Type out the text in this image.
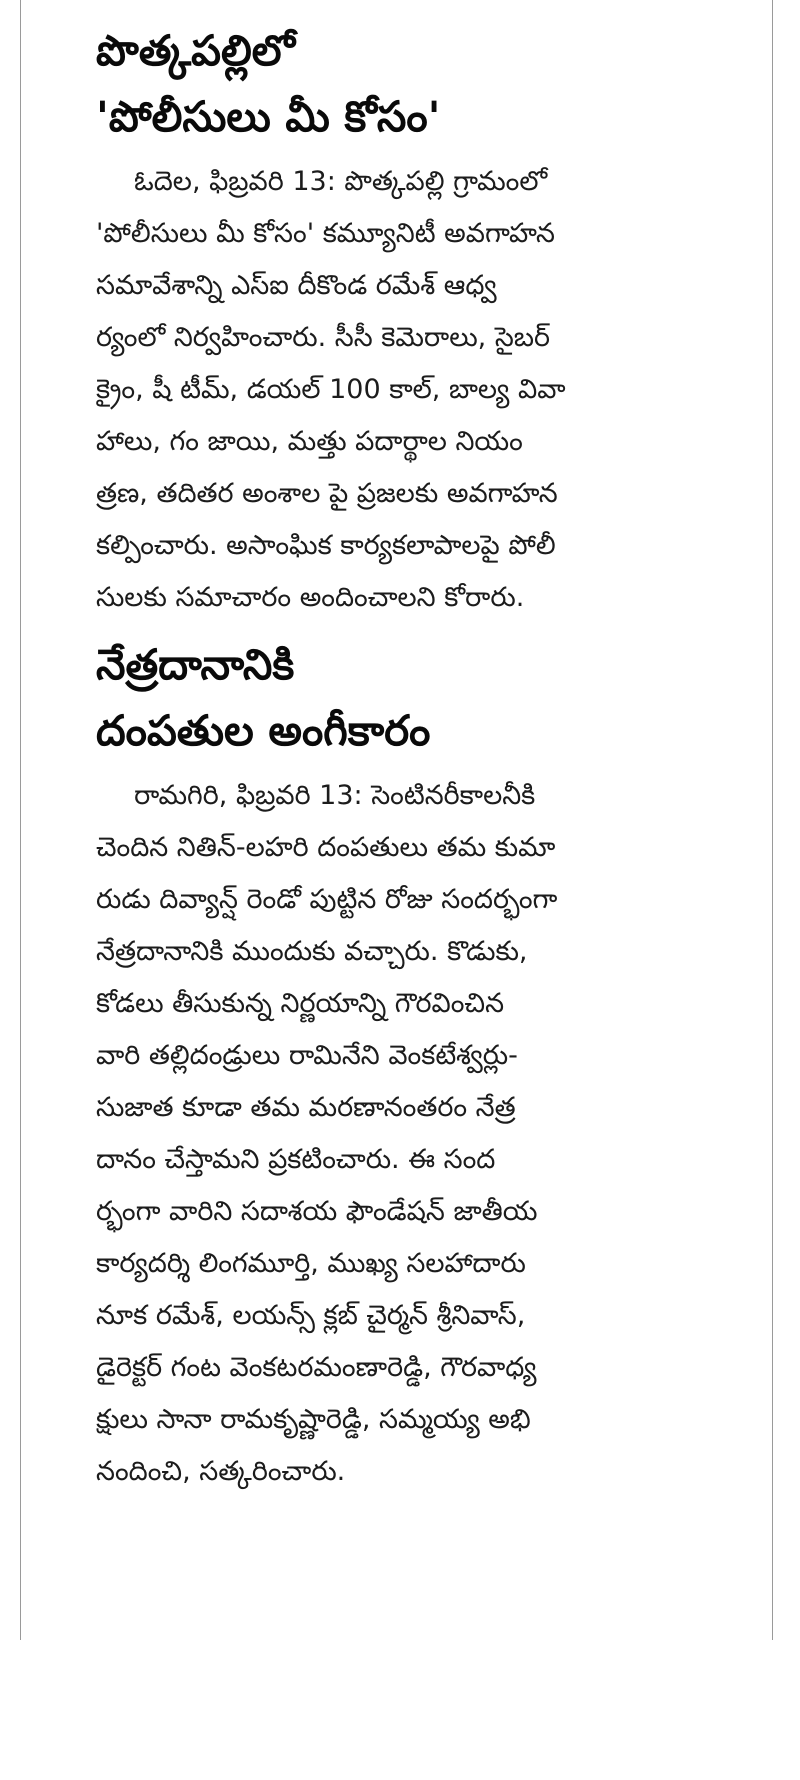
పొత్కపల్లిలో
'పోలీసులు మీ కోసం'
ఓదెల, ఫిబ్రవరి 13: పొత్కపల్లి గ్రామంలో
'పోలీసులు మీ కోసం' కమ్యూనిటీ అవగాహన
సమావేశాన్ని ఎస్ఐ దీకొండ రమేశ్ ఆధ్వ
ర్యంలో నిర్వహించారు. సీసీ కెమెరాలు, సైబర్
క్రైం, షీ టీమ్, డయల్ 100 కాల్, బాల్య వివా
హాలు, గం జాయి, మత్తు పదార్థాల నియం
త్రణ, తదితర అంశాల పై ప్రజలకు అవగాహన
కల్పించారు. అసాంఘిక కార్యకలాపాలపై పోలీ
సులకు సమాచారం అందించాలని కోరారు.
నేత్రదానానికి
దంపతుల అంగీకారం
రామగిరి, ఫిబ్రవరి 13: సెంటినరీకాలనీకి
చెందిన నితిన్-లహరి దంపతులు తమ కుమా
రుడు దివ్యాన్ష్ రెండో పుట్టిన రోజు సందర్భంగా
నేత్రదానానికి ముందుకు వచ్చారు. కొడుకు,
కోడలు తీసుకున్న నిర్ణయాన్ని గౌరవించిన
వారి తల్లిదండ్రులు రామినేని వెంకటేశ్వర్లు-
సుజాత కూడా తమ మరణానంతరం నేత్ర
దానం చేస్తామని ప్రకటించారు. ఈ సంద
ర్భంగా వారిని సదాశయ ఫౌండేషన్ జాతీయ
కార్యదర్శి లింగమూర్తి, ముఖ్య సలహాదారు
నూక రమేశ్, లయన్స్ క్లబ్ చైర్మన్ శ్రీనివాస్,
డైరెక్టర్ గంట వెంకటరమంణారెడ్డి, గౌరవాధ్య
క్షులు సానా రామకృష్ణారెడ్డి, సమ్మయ్య అభి
నందించి, సత్కరించారు.
